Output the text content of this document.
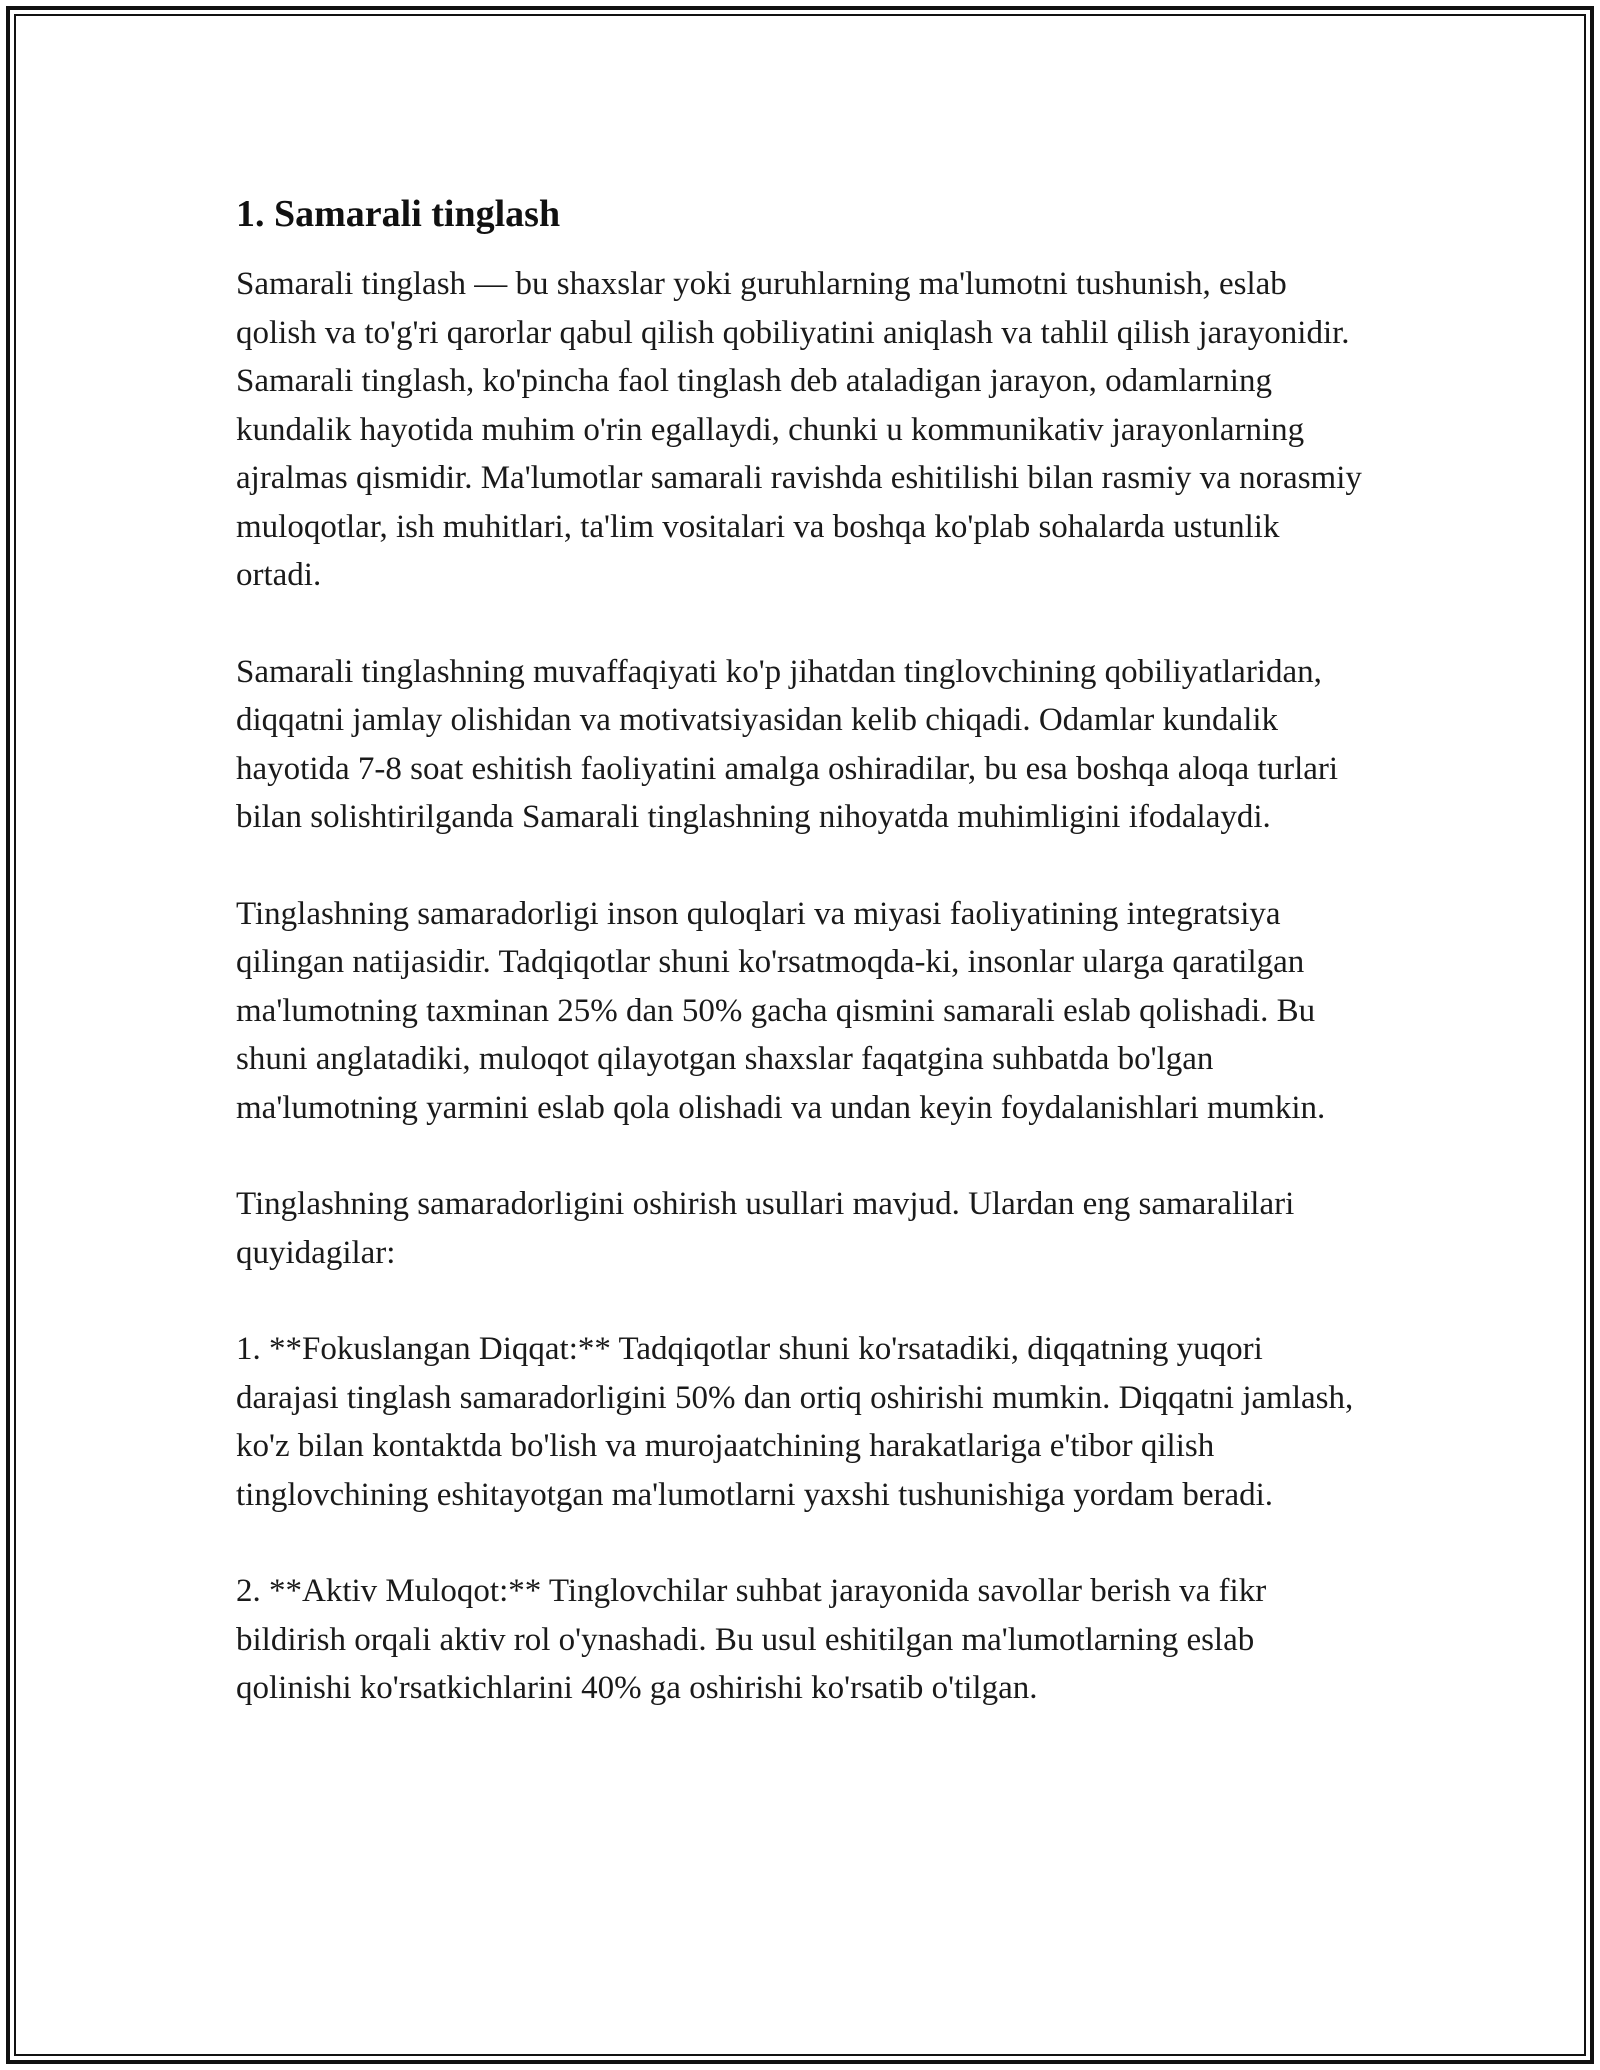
1. Samarali tinglash

Samarali tinglash — bu shaxslar yoki guruhlarning ma'lumotni tushunish, eslab qolish va to'g'ri qarorlar qabul qilish qobiliyatini aniqlash va tahlil qilish jarayonidir. Samarali tinglash, ko'pincha faol tinglash deb ataladigan jarayon, odamlarning kundalik hayotida muhim o'rin egallaydi, chunki u kommunikativ jarayonlarning ajralmas qismidir. Ma'lumotlar samarali ravishda eshitilishi bilan rasmiy va norasmiy muloqotlar, ish muhitlari, ta'lim vositalari va boshqa ko'plab sohalarda ustunlik ortadi.

Samarali tinglashning muvaffaqiyati ko'p jihatdan tinglovchining qobiliyatlaridan, diqqatni jamlay olishidan va motivatsiyasidan kelib chiqadi. Odamlar kundalik hayotida 7-8 soat eshitish faoliyatini amalga oshiradilar, bu esa boshqa aloqa turlari bilan solishtirilganda Samarali tinglashning nihoyatda muhimligini ifodalaydi.

Tinglashning samaradorligi inson quloqlari va miyasi faoliyatining integratsiya qilingan natijasidir. Tadqiqotlar shuni ko'rsatmoqda-ki, insonlar ularga qaratilgan ma'lumotning taxminan 25% dan 50% gacha qismini samarali eslab qolishadi. Bu shuni anglatadiki, muloqot qilayotgan shaxslar faqatgina suhbatda bo'lgan ma'lumotning yarmini eslab qola olishadi va undan keyin foydalanishlari mumkin.

Tinglashning samaradorligini oshirish usullari mavjud. Ulardan eng samaralilari quyidagilar:

1. **Fokuslangan Diqqat:** Tadqiqotlar shuni ko'rsatadiki, diqqatning yuqori darajasi tinglash samaradorligini 50% dan ortiq oshirishi mumkin. Diqqatni jamlash, ko'z bilan kontaktda bo'lish va murojaatchining harakatlariga e'tibor qilish tinglovchining eshitayotgan ma'lumotlarni yaxshi tushunishiga yordam beradi.

2. **Aktiv Muloqot:** Tinglovchilar suhbat jarayonida savollar berish va fikr bildirish orqali aktiv rol o'ynashadi. Bu usul eshitilgan ma'lumotlarning eslab qolinishi ko'rsatkichlarini 40% ga oshirishi ko'rsatib o'tilgan.
